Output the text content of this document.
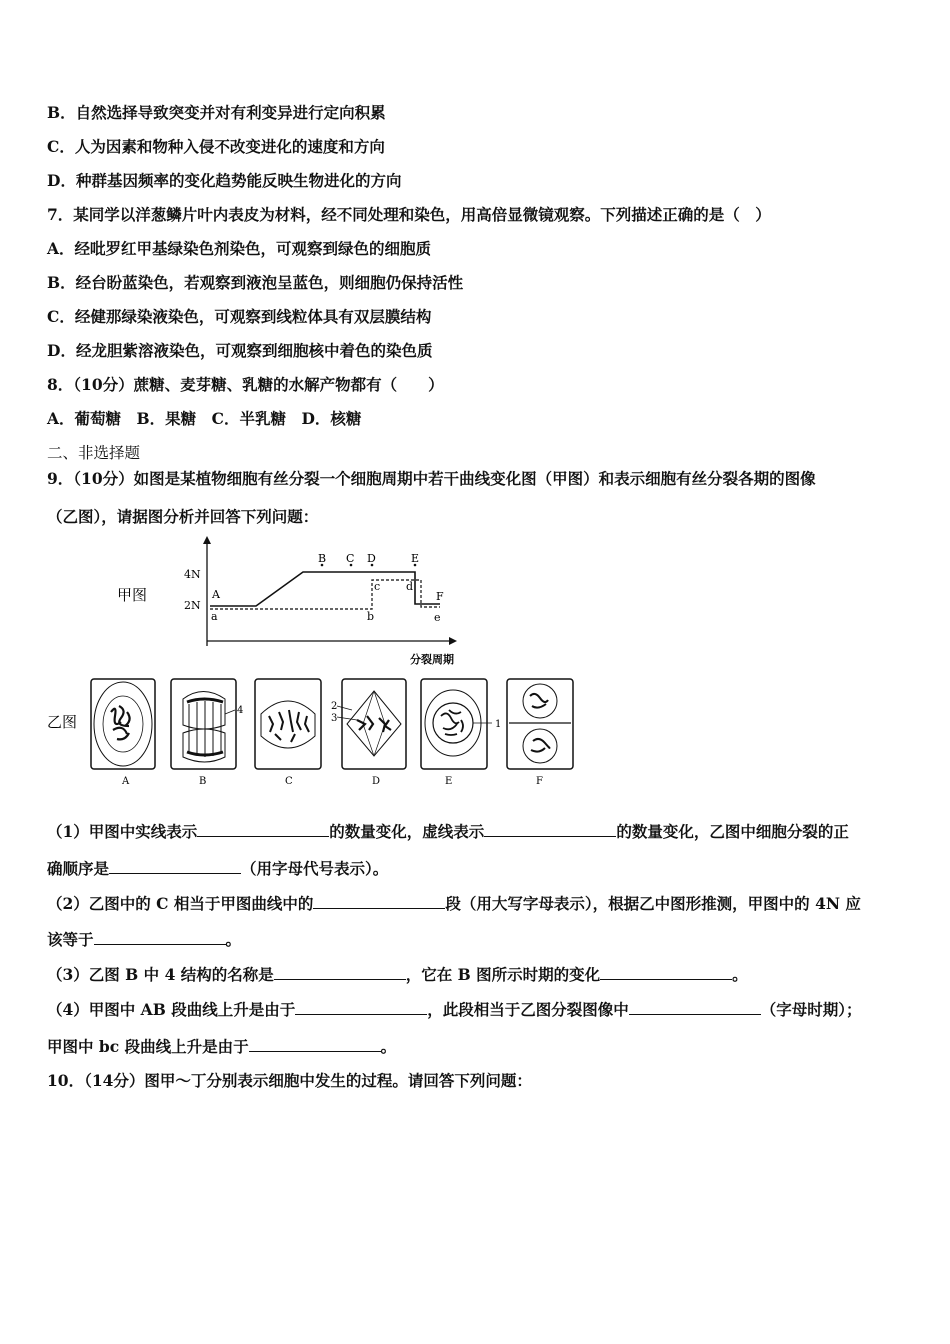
B．自然选择导致突变并对有利变异进行定向积累
C．人为因素和物种入侵不改变进化的速度和方向
D．种群基因频率的变化趋势能反映生物进化的方向
7．某同学以洋葱鳞片叶内表皮为材料，经不同处理和染色，用高倍显微镜观察。下列描述正确的是（　）
A．经吡罗红甲基绿染色剂染色，可观察到绿色的细胞质
B．经台盼蓝染色，若观察到液泡呈蓝色，则细胞仍保持活性
C．经健那绿染液染色，可观察到线粒体具有双层膜结构
D．经龙胆紫溶液染色，可观察到细胞核中着色的染色质
8．（10分）蔗糖、麦芽糖、乳糖的水解产物都有（　　）
A．葡萄糖　B．果糖　C．半乳糖　D．核糖
二、非选择题
9．（10分）如图是某植物细胞有丝分裂一个细胞周期中若干曲线变化图（甲图）和表示细胞有丝分裂各期的图像
（乙图），请据图分析并回答下列问题：
甲图
4N
2N
分裂周期
A
B C D	E
F
a	b
c d
e
乙图
A
4
B	C
2
3
D
1
E	F
（1）甲图中实线表示	的数量变化，虚线表示	的数量变化，乙图中细胞分裂的正
确顺序是	（用字母代号表示）。
（2）乙图中的 C 相当于甲图曲线中的	段（用大写字母表示），根据乙中图形推测，甲图中的 4N 应
该等于	。
（3）乙图 B 中 4 结构的名称是	，它在 B 图所示时期的变化	。
（4）甲图中 AB 段曲线上升是由于	，此段相当于乙图分裂图像中	（字母时期）；
甲图中 bc 段曲线上升是由于	。
10．（14分）图甲～丁分别表示细胞中发生的过程。请回答下列问题：
